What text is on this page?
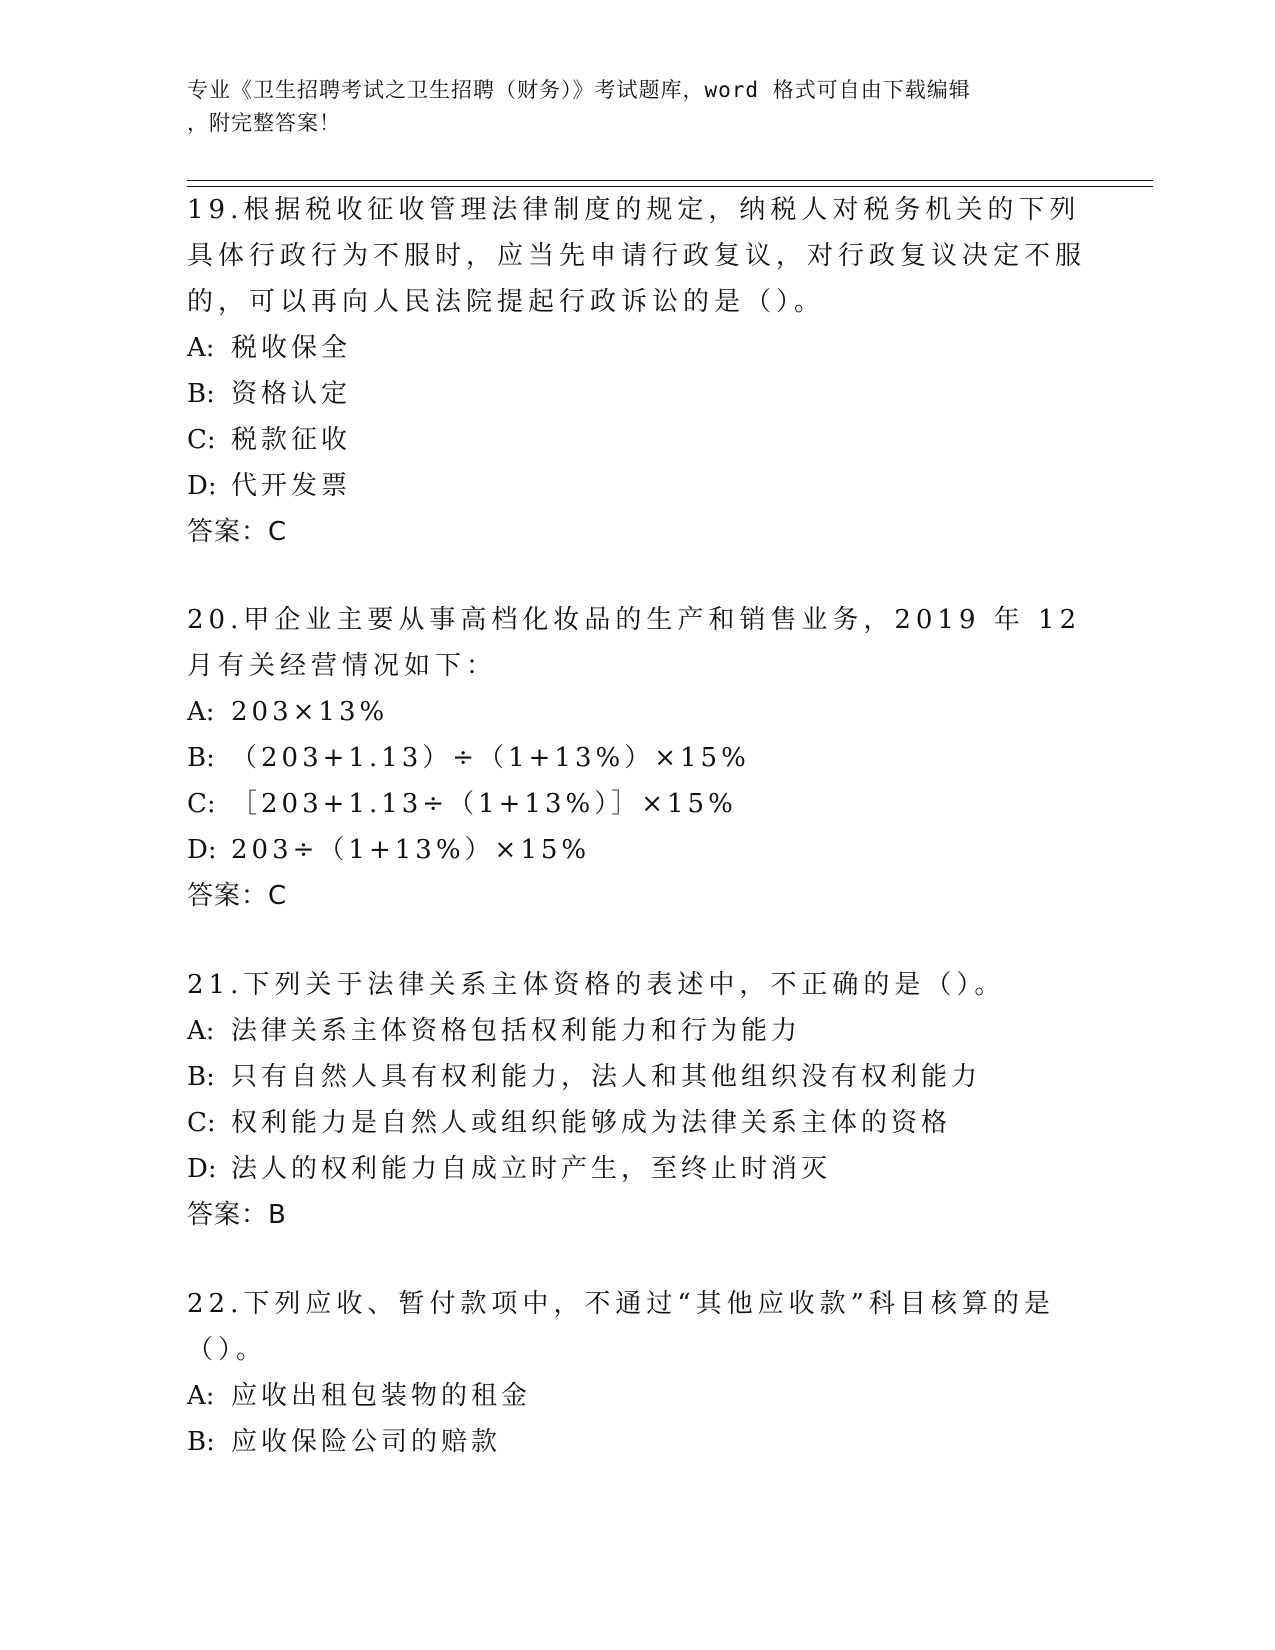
专业《卫生招聘考试之卫生招聘（财务）》考试题库，word 格式可自由下载编辑
，附完整答案！

19.根据税收征收管理法律制度的规定，纳税人对税务机关的下列具体行政行为不服时，应当先申请行政复议，对行政复议决定不服的，可以再向人民法院提起行政诉讼的是（）。

A: 税收保全

B: 资格认定

C: 税款征收

D: 代开发票

答案：C

20.甲企业主要从事高档化妆品的生产和销售业务，2019 年 12 月有关经营情况如下：

A: 203×13%

B: （203+1.13）÷（1+13%）×15%

C: ［203+1.13÷（1+13%）］×15%

D: 203÷（1+13%）×15%

答案：C

21.下列关于法律关系主体资格的表述中，不正确的是（）。

A: 法律关系主体资格包括权利能力和行为能力

B: 只有自然人具有权利能力，法人和其他组织没有权利能力

C: 权利能力是自然人或组织能够成为法律关系主体的资格

D: 法人的权利能力自成立时产生，至终止时消灭

答案：B

22.下列应收、暂付款项中，不通过“其他应收款”科目核算的是（）。

A: 应收出租包装物的租金

B: 应收保险公司的赔款
